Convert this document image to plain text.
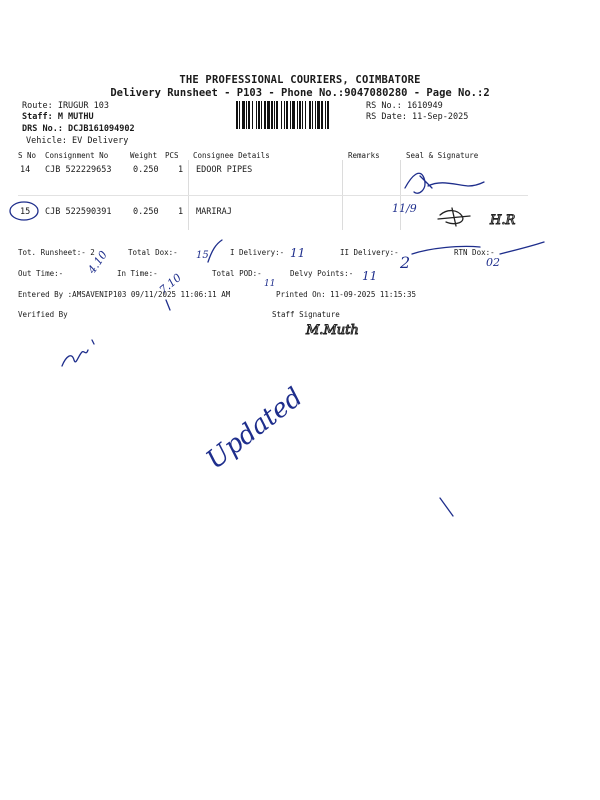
THE PROFESSIONAL COURIERS, COIMBATORE
Delivery Runsheet - P103 - Phone No.:9047080280 - Page No.:2
Route: IRUGUR 103
Staff: M MUTHU
DRS No.: DCJB161094902
Vehicle: EV Delivery
RS No.: 1610949
RS Date: 11-Sep-2025
S No Consignment No	Weight PCS Consignee Details	Remarks	Seal & Signature
14 CJB 522229653	0.250 1 EDOOR PIPES
15 CJB 522590391	0.250 1 MARIRAJ
Tot. Runsheet:- 2	Total Dox:-	I Delivery:-	II Delivery:-	RTN Dox:-
Out Time:-	In Time:-	Total POD:-	Delvy Points:-
Entered By :AMSAVENIP103 09/11/2025 11:06:11 AM	Printed On: 11-09-2025 11:15:35
Verified By	Staff Signature
11/9
H.R
15	11	2	02
4.10
7.10	11
11
M.Muth
Updated
